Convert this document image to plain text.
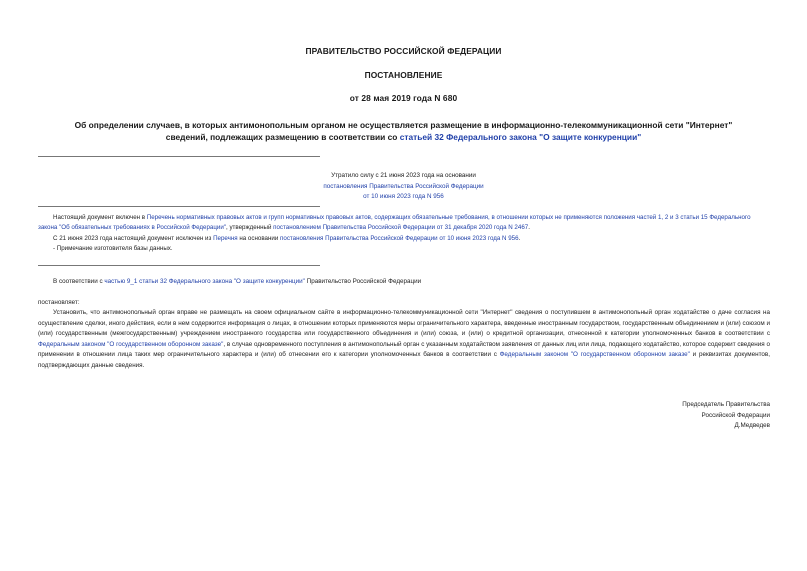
ПРАВИТЕЛЬСТВО РОССИЙСКОЙ ФЕДЕРАЦИИ
ПОСТАНОВЛЕНИЕ
от 28 мая 2019 года N 680
Об определении случаев, в которых антимонопольным органом не осуществляется размещение в информационно-телекоммуникационной сети "Интернет"
сведений, подлежащих размещению в соответствии со статьей 32 Федерального закона "О защите конкуренции"
Утратило силу с 21 июня 2023 года на основании
постановления Правительства Российской Федерации
от 10 июня 2023 года N 956
Настоящий документ включен в Перечень нормативных правовых актов и групп нормативных правовых актов, содержащих обязательные требования, в отношении которых не применяются положения частей 1, 2 и 3 статьи 15 Федерального закона "Об обязательных требованиях в Российской Федерации", утвержденный постановлением Правительства Российской Федерации от 31 декабря 2020 года N 2467.
С 21 июня 2023 года настоящий документ исключен из Перечня на основании постановления Правительства Российской Федерации от 10 июня 2023 года N 956.
- Примечание изготовителя базы данных.
В соответствии с частью 9_1 статьи 32 Федерального закона "О защите конкуренции" Правительство Российской Федерации
постановляет:
Установить, что антимонопольный орган вправе не размещать на своем официальном сайте в информационно-телекоммуникационной сети "Интернет" сведения о поступившем в антимонопольный орган ходатайстве о даче согласия на осуществление сделки, иного действия, если в нем содержится информация о лицах, в отношении которых применяются меры ограничительного характера, введенные иностранным государством, государственным объединением и (или) союзом и (или) государственным (межгосударственным) учреждением иностранного государства или государственного объединения и (или) союза, и (или) о кредитной организации, отнесенной к категории уполномоченных банков в соответствии с Федеральным законом "О государственном оборонном заказе", в случае одновременного поступления в антимонопольный орган с указанным ходатайством заявления от данных лиц или лица, подающего ходатайство, которое содержит сведения о применении в отношении лица таких мер ограничительного характера и (или) об отнесении его к категории уполномоченных банков в соответствии с Федеральным законом "О государственном оборонном заказе" и реквизитах документов, подтверждающих данные сведения.
Председатель Правительства
Российской Федерации
Д.Медведев
